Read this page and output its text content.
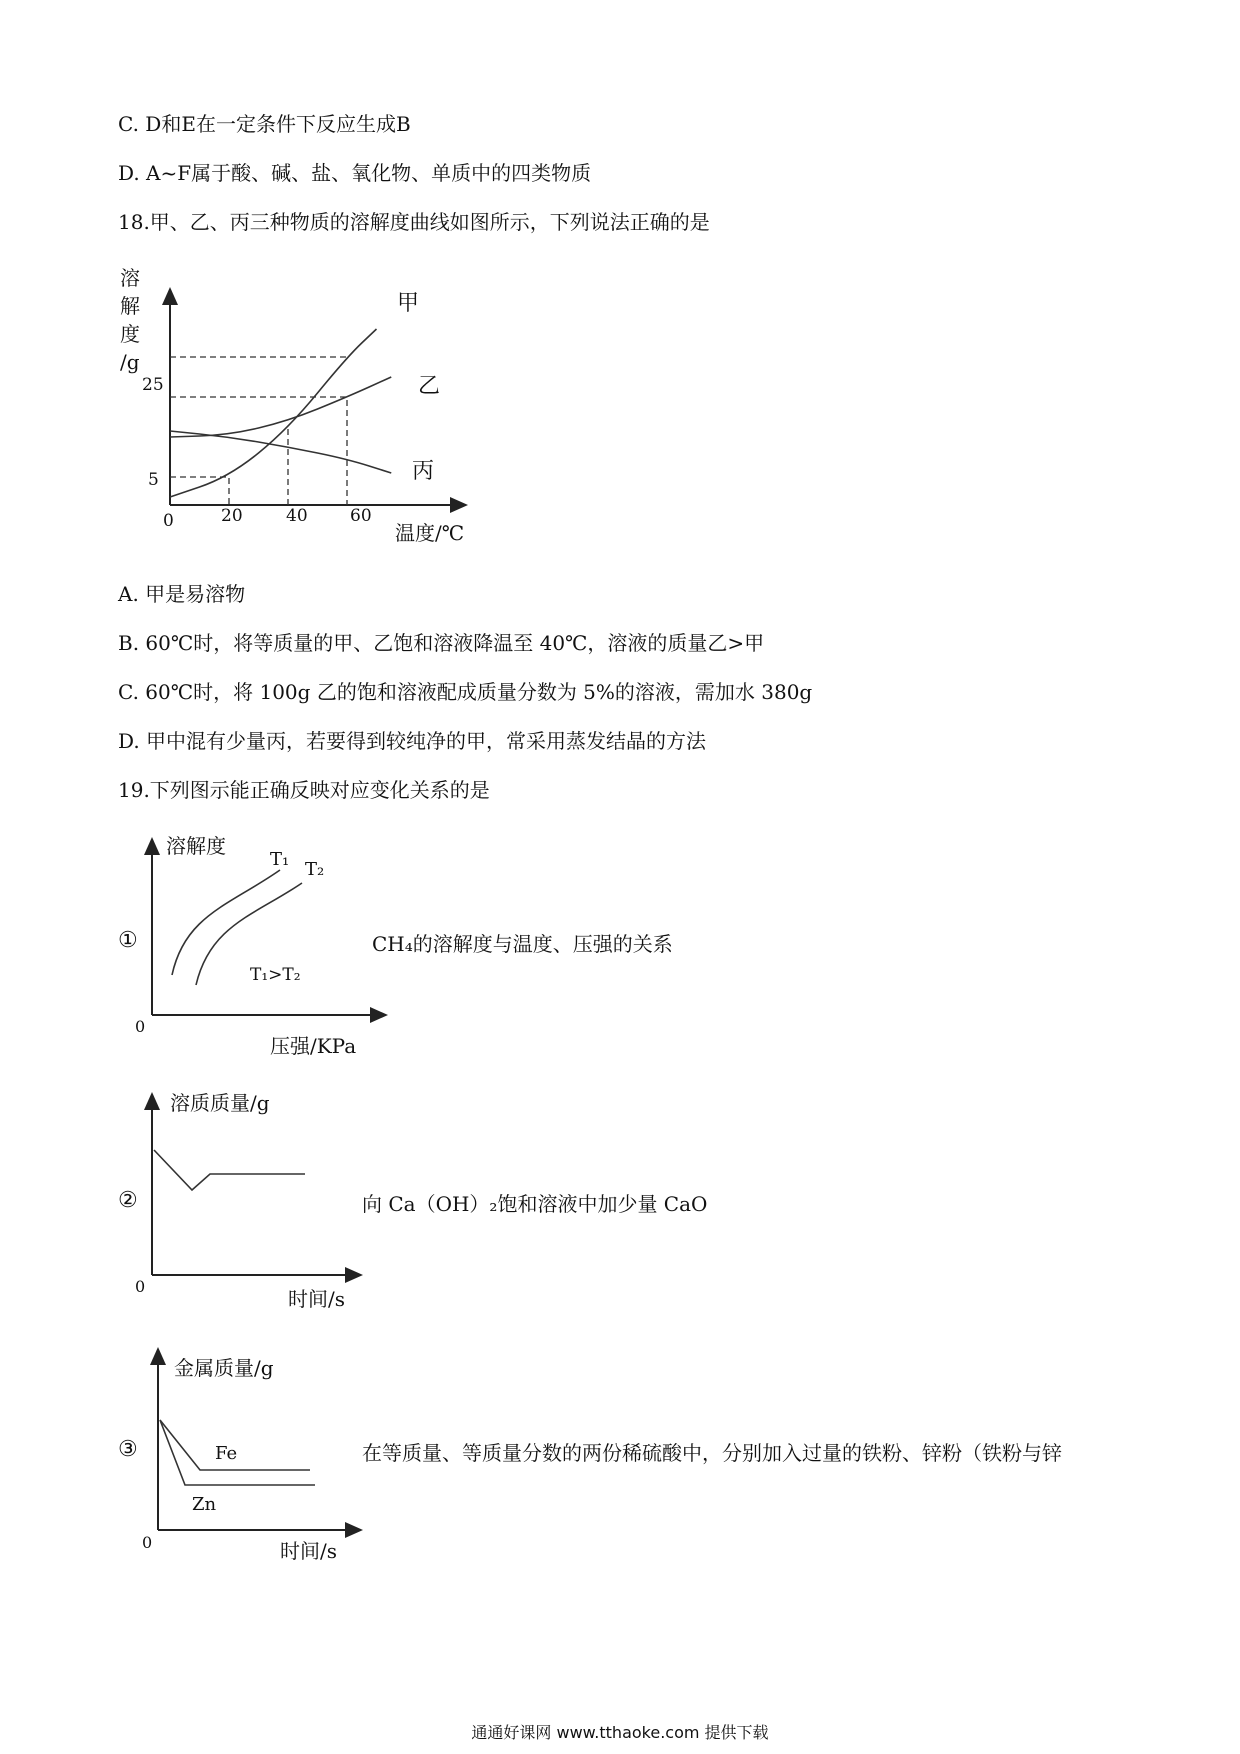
C. D和E在一定条件下反应生成B
D. A~F属于酸、碱、盐、氧化物、单质中的四类物质
18.甲、乙、丙三种物质的溶解度曲线如图所示，下列说法正确的是
溶
解
度
/g
温度/℃
0	20	40 60
5
25
甲
乙
丙
A. 甲是易溶物
B. 60℃时，将等质量的甲、乙饱和溶液降温至 40℃，溶液的质量乙>甲
C. 60℃时，将 100g 乙的饱和溶液配成质量分数为 5%的溶液，需加水 380g
D. 甲中混有少量丙，若要得到较纯净的甲，常采用蒸发结晶的方法
19.下列图示能正确反映对应变化关系的是
①
溶解度
压强/KPa
0
T₁ T₂
T₁>T₂
CH₄的溶解度与温度、压强的关系
②
溶质质量/g
时间/s
0
向 Ca（OH）₂饱和溶液中加少量 CaO
③
金属质量/g
时间/s
0
Fe
Zn
在等质量、等质量分数的两份稀硫酸中，分别加入过量的铁粉、锌粉（铁粉与锌
通通好课网 www.tthaoke.com 提供下载
